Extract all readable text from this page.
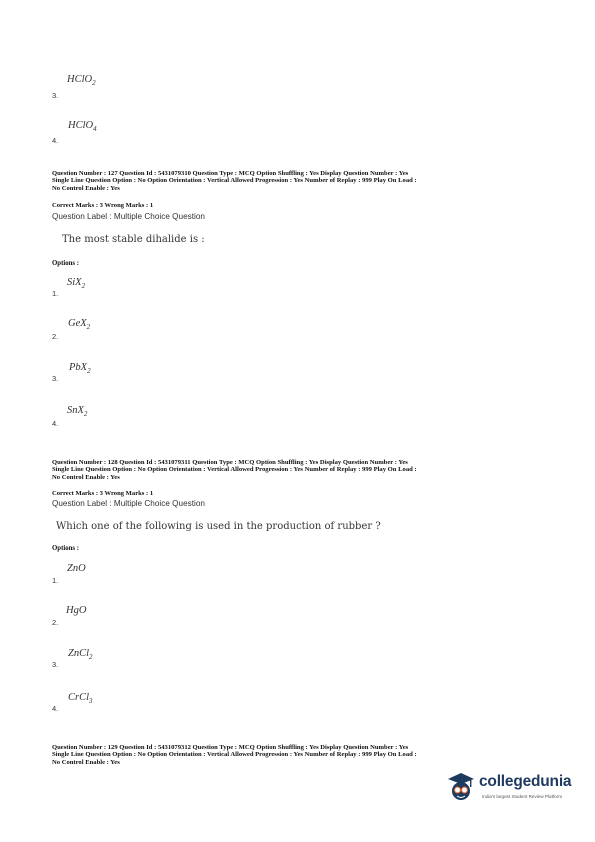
HClO$_2$
3.
HClO$_4$
4.
Question Number : 127 Question Id : 5431079310 Question Type : MCQ Option Shuffling : Yes Display Question Number : Yes
Single Line Question Option : No Option Orientation : Vertical Allowed Progression : Yes Number of Replay : 999 Play On Load :
No Control Enable : Yes
Correct Marks : 3 Wrong Marks : 1
Question Label : Multiple Choice Question
The most stable dihalide is :
Options :
SiX$_2$
1.
GeX$_2$
2.
PbX$_2$
3.
SnX$_2$
4.
Question Number : 128 Question Id : 5431079311 Question Type : MCQ Option Shuffling : Yes Display Question Number : Yes
Single Line Question Option : No Option Orientation : Vertical Allowed Progression : Yes Number of Replay : 999 Play On Load :
No Control Enable : Yes
Correct Marks : 3 Wrong Marks : 1
Question Label : Multiple Choice Question
Which one of the following is used in the production of rubber ?
Options :
ZnO
1.
HgO
2.
ZnCl$_2$
3.
CrCl$_3$
4.
Question Number : 129 Question Id : 5431079312 Question Type : MCQ Option Shuffling : Yes Display Question Number : Yes
Single Line Question Option : No Option Orientation : Vertical Allowed Progression : Yes Number of Replay : 999 Play On Load :
No Control Enable : Yes
collegedunia
India's largest Student Review Platform
